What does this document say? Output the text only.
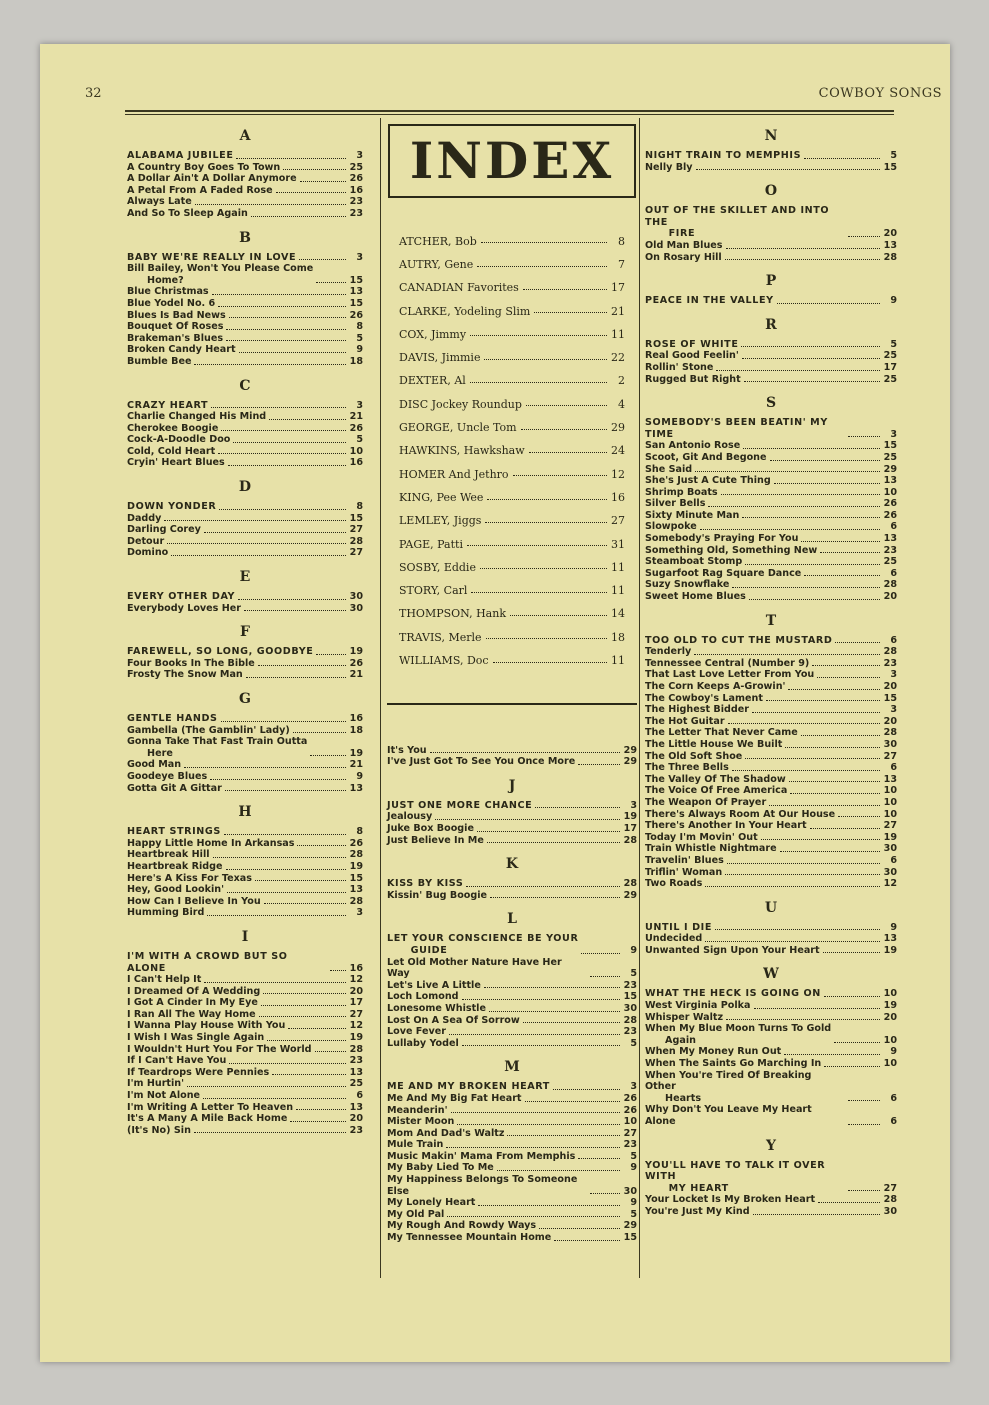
32	COWBOY SONGS
A
ALABAMA JUBILEE	3
A Country Boy Goes To Town	25
A Dollar Ain't A Dollar Anymore	26
A Petal From A Faded Rose	16
Always Late	23
And So To Sleep Again	23
B
BABY WE'RE REALLY IN LOVE	3
Bill Bailey, Won't You Please Come
Home?	15
Blue Christmas	13
Blue Yodel No. 6	15
Blues Is Bad News	26
Bouquet Of Roses	8
Brakeman's Blues	5
Broken Candy Heart	9
Bumble Bee	18
C
CRAZY HEART	3
Charlie Changed His Mind	21
Cherokee Boogie	26
Cock-A-Doodle Doo	5
Cold, Cold Heart	10
Cryin' Heart Blues	16
D
DOWN YONDER	8
Daddy	15
Darling Corey	27
Detour	28
Domino	27
E
EVERY OTHER DAY	30
Everybody Loves Her	30
F
FAREWELL, SO LONG, GOODBYE	19
Four Books In The Bible	26
Frosty The Snow Man	21
G
GENTLE HANDS	16
Gambella (The Gamblin' Lady)	18
Gonna Take That Fast Train Outta
Here	19
Good Man	21
Goodeye Blues	9
Gotta Git A Gittar	13
H
HEART STRINGS	8
Happy Little Home In Arkansas	26
Heartbreak Hill	28
Heartbreak Ridge	19
Here's A Kiss For Texas	15
Hey, Good Lookin'	13
How Can I Believe In You	28
Humming Bird	3
I
I'M WITH A CROWD BUT SO ALONE	16
I Can't Help It	12
I Dreamed Of A Wedding	20
I Got A Cinder In My Eye	17
I Ran All The Way Home	27
I Wanna Play House With You	12
I Wish I Was Single Again	19
I Wouldn't Hurt You For The World	28
If I Can't Have You	23
If Teardrops Were Pennies	13
I'm Hurtin'	25
I'm Not Alone	6
I'm Writing A Letter To Heaven	13
It's A Many A Mile Back Home	20
(It's No) Sin	23
INDEX
ATCHER, Bob	8
AUTRY, Gene	7
CANADIAN Favorites	17
CLARKE, Yodeling Slim	21
COX, Jimmy	11
DAVIS, Jimmie	22
DEXTER, Al	2
DISC Jockey Roundup	4
GEORGE, Uncle Tom	29
HAWKINS, Hawkshaw	24
HOMER And Jethro	12
KING, Pee Wee	16
LEMLEY, Jiggs	27
PAGE, Patti	31
SOSBY, Eddie	11
STORY, Carl	11
THOMPSON, Hank	14
TRAVIS, Merle	18
WILLIAMS, Doc	11
It's You	29
I've Just Got To See You Once More	29
J
JUST ONE MORE CHANCE	3
Jealousy	19
Juke Box Boogie	17
Just Believe In Me	28
K
KISS BY KISS	28
Kissin' Bug Boogie	29
L
LET YOUR CONSCIENCE BE YOUR
GUIDE	9
Let Old Mother Nature Have Her Way	5
Let's Live A Little	23
Loch Lomond	15
Lonesome Whistle	30
Lost On A Sea Of Sorrow	28
Love Fever	23
Lullaby Yodel	5
M
ME AND MY BROKEN HEART	3
Me And My Big Fat Heart	26
Meanderin'	26
Mister Moon	10
Mom And Dad's Waltz	27
Mule Train	23
Music Makin' Mama From Memphis	5
My Baby Lied To Me	9
My Happiness Belongs To Someone Else	30
My Lonely Heart	9
My Old Pal	5
My Rough And Rowdy Ways	29
My Tennessee Mountain Home	15
N
NIGHT TRAIN TO MEMPHIS	5
Nelly Bly	15
O
OUT OF THE SKILLET AND INTO THE
FIRE	20
Old Man Blues	13
On Rosary Hill	28
P
PEACE IN THE VALLEY	9
R
ROSE OF WHITE	5
Real Good Feelin'	25
Rollin' Stone	17
Rugged But Right	25
S
SOMEBODY'S BEEN BEATIN' MY TIME	3
San Antonio Rose	15
Scoot, Git And Begone	25
She Said	29
She's Just A Cute Thing	13
Shrimp Boats	10
Silver Bells	26
Sixty Minute Man	26
Slowpoke	6
Somebody's Praying For You	13
Something Old, Something New	23
Steamboat Stomp	25
Sugarfoot Rag Square Dance	6
Suzy Snowflake	28
Sweet Home Blues	20
T
TOO OLD TO CUT THE MUSTARD	6
Tenderly	28
Tennessee Central (Number 9)	23
That Last Love Letter From You	3
The Corn Keeps A-Growin'	20
The Cowboy's Lament	15
The Highest Bidder	3
The Hot Guitar	20
The Letter That Never Came	28
The Little House We Built	30
The Old Soft Shoe	27
The Three Bells	6
The Valley Of The Shadow	13
The Voice Of Free America	10
The Weapon Of Prayer	10
There's Always Room At Our House	10
There's Another In Your Heart	27
Today I'm Movin' Out	19
Train Whistle Nightmare	30
Travelin' Blues	6
Triflin' Woman	30
Two Roads	12
U
UNTIL I DIE	9
Undecided	13
Unwanted Sign Upon Your Heart	19
W
WHAT THE HECK IS GOING ON	10
West Virginia Polka	19
Whisper Waltz	20
When My Blue Moon Turns To Gold
Again	10
When My Money Run Out	9
When The Saints Go Marching In	10
When You're Tired Of Breaking Other
Hearts	6
Why Don't You Leave My Heart Alone	6
Y
YOU'LL HAVE TO TALK IT OVER WITH
MY HEART	27
Your Locket Is My Broken Heart	28
You're Just My Kind	30
